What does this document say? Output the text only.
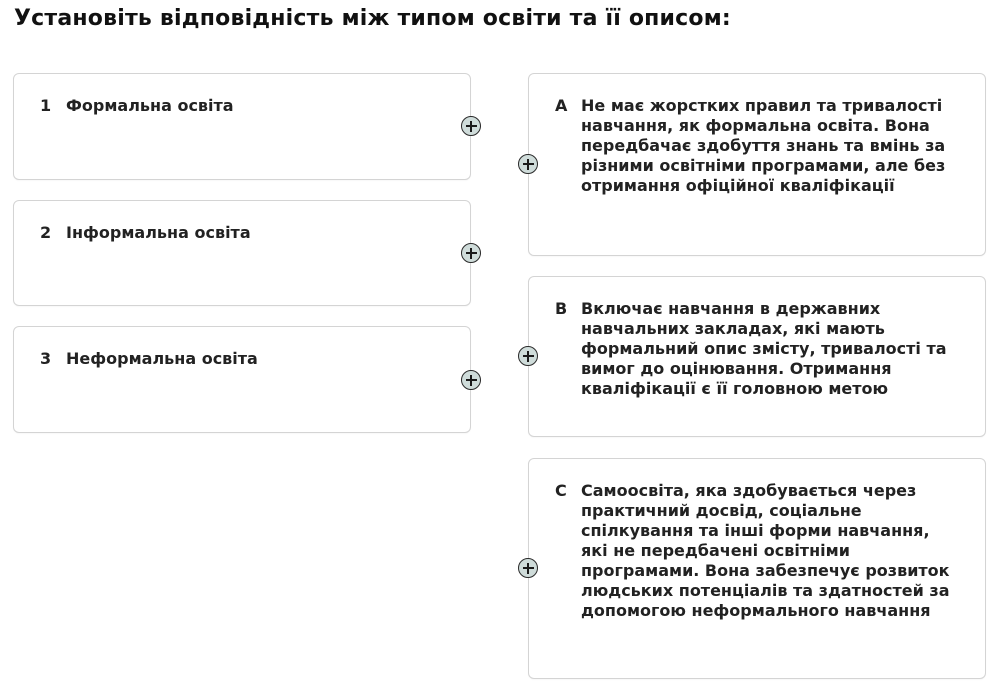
Установіть відповідність між типом освіти та її описом:
1 Формальна освіта
2 Інформальна освіта
3 Неформальна освіта
A Не має жорстких правил та тривалості навчання, як формальна освіта. Вона передбачає здобуття знань та вмінь за різними освітніми програмами, але без отримання офіційної кваліфікації
B Включає навчання в державних навчальних закладах, які мають формальний опис змісту, тривалості та вимог до оцінювання. Отримання кваліфікації є її головною метою
C Самоосвіта, яка здобувається через практичний досвід, соціальне спілкування та інші форми навчання, які не передбачені освітніми програмами. Вона забезпечує розвиток людських потенціалів та здатностей за допомогою неформального навчання
